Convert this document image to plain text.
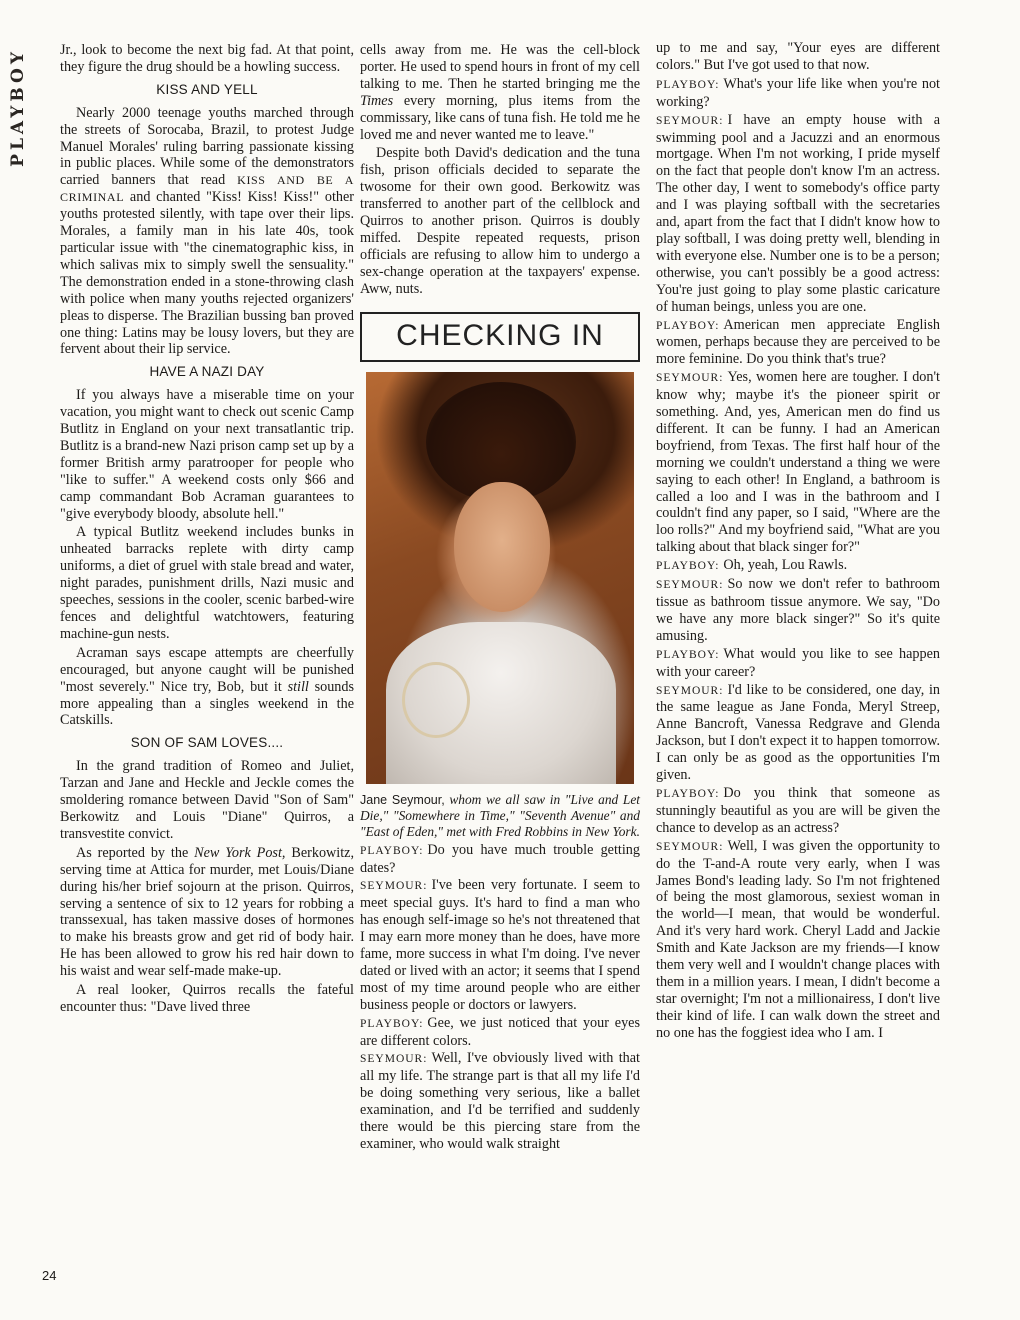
PLAYBOY
24

Jr., look to become the next big fad. At that point, they figure the drug should be a howling success.

KISS AND YELL

Nearly 2000 teenage youths marched through the streets of Sorocaba, Brazil, to protest Judge Manuel Morales' ruling barring passionate kissing in public places. While some of the demonstrators carried banners that read KISS AND BE A CRIMINAL and chanted "Kiss! Kiss! Kiss!" other youths protested silently, with tape over their lips. Morales, a family man in his late 40s, took particular issue with "the cinematographic kiss, in which salivas mix to simply swell the sensuality." The demonstration ended in a stone-throwing clash with police when many youths rejected organizers' pleas to disperse. The Brazilian bussing ban proved one thing: Latins may be lousy lovers, but they are fervent about their lip service.

HAVE A NAZI DAY

If you always have a miserable time on your vacation, you might want to check out scenic Camp Butlitz in England on your next transatlantic trip. Butlitz is a brand-new Nazi prison camp set up by a former British army paratrooper for people who "like to suffer." A weekend costs only $66 and camp commandant Bob Acraman guarantees to "give everybody bloody, absolute hell."

A typical Butlitz weekend includes bunks in unheated barracks replete with dirty camp uniforms, a diet of gruel with stale bread and water, night parades, punishment drills, Nazi music and speeches, sessions in the cooler, scenic barbed-wire fences and delightful watchtowers, featuring machine-gun nests.

Acraman says escape attempts are cheerfully encouraged, but anyone caught will be punished "most severely." Nice try, Bob, but it still sounds more appealing than a singles weekend in the Catskills.

SON OF SAM LOVES....

In the grand tradition of Romeo and Juliet, Tarzan and Jane and Heckle and Jeckle comes the smoldering romance between David "Son of Sam" Berkowitz and Louis "Diane" Quirros, a transvestite convict.

As reported by the New York Post, Berkowitz, serving time at Attica for murder, met Louis/Diane during his/her brief sojourn at the prison. Quirros, serving a sentence of six to 12 years for robbing a transsexual, has taken massive doses of hormones to make his breasts grow and get rid of body hair. He has been allowed to grow his red hair down to his waist and wear self-made make-up.

A real looker, Quirros recalls the fateful encounter thus: "Dave lived three

cells away from me. He was the cell-block porter. He used to spend hours in front of my cell talking to me. Then he started bringing me the Times every morning, plus items from the commissary, like cans of tuna fish. He told me he loved me and never wanted me to leave."

Despite both David's dedication and the tuna fish, prison officials decided to separate the twosome for their own good. Berkowitz was transferred to another part of the cellblock and Quirros to another prison. Quirros is doubly miffed. Despite repeated requests, prison officials are refusing to allow him to undergo a sex-change operation at the taxpayers' expense. Aww, nuts.

CHECKING IN

Jane Seymour, whom we all saw in "Live and Let Die," "Somewhere in Time," "Seventh Avenue" and "East of Eden," met with Fred Robbins in New York.

PLAYBOY: Do you have much trouble getting dates?

SEYMOUR: I've been very fortunate. I seem to meet special guys. It's hard to find a man who has enough self-image so he's not threatened that I may earn more money than he does, have more fame, more success in what I'm doing. I've never dated or lived with an actor; it seems that I spend most of my time around people who are either business people or doctors or lawyers.

PLAYBOY: Gee, we just noticed that your eyes are different colors.

SEYMOUR: Well, I've obviously lived with that all my life. The strange part is that all my life I'd be doing something very serious, like a ballet examination, and I'd be terrified and suddenly there would be this piercing stare from the examiner, who would walk straight

up to me and say, "Your eyes are different colors." But I've got used to that now.

PLAYBOY: What's your life like when you're not working?

SEYMOUR: I have an empty house with a swimming pool and a Jacuzzi and an enormous mortgage. When I'm not working, I pride myself on the fact that people don't know I'm an actress. The other day, I went to somebody's office party and I was playing softball with the secretaries and, apart from the fact that I didn't know how to play softball, I was doing pretty well, blending in with everyone else. Number one is to be a person; otherwise, you can't possibly be a good actress: You're just going to play some plastic caricature of human beings, unless you are one.

PLAYBOY: American men appreciate English women, perhaps because they are perceived to be more feminine. Do you think that's true?

SEYMOUR: Yes, women here are tougher. I don't know why; maybe it's the pioneer spirit or something. And, yes, American men do find us different. It can be funny. I had an American boyfriend, from Texas. The first half hour of the morning we couldn't understand a thing we were saying to each other! In England, a bathroom is called a loo and I was in the bathroom and I couldn't find any paper, so I said, "Where are the loo rolls?" And my boyfriend said, "What are you talking about that black singer for?"

PLAYBOY: Oh, yeah, Lou Rawls.

SEYMOUR: So now we don't refer to bathroom tissue as bathroom tissue anymore. We say, "Do we have any more black singer?" So it's quite amusing.

PLAYBOY: What would you like to see happen with your career?

SEYMOUR: I'd like to be considered, one day, in the same league as Jane Fonda, Meryl Streep, Anne Bancroft, Vanessa Redgrave and Glenda Jackson, but I don't expect it to happen tomorrow. I can only be as good as the opportunities I'm given.

PLAYBOY: Do you think that someone as stunningly beautiful as you are will be given the chance to develop as an actress?

SEYMOUR: Well, I was given the opportunity to do the T-and-A route very early, when I was James Bond's leading lady. So I'm not frightened of being the most glamorous, sexiest woman in the world—I mean, that would be wonderful. And it's very hard work. Cheryl Ladd and Jackie Smith and Kate Jackson are my friends—I know them very well and I wouldn't change places with them in a million years. I mean, I didn't become a star overnight; I'm not a millionairess, I don't live their kind of life. I can walk down the street and no one has the foggiest idea who I am. I
